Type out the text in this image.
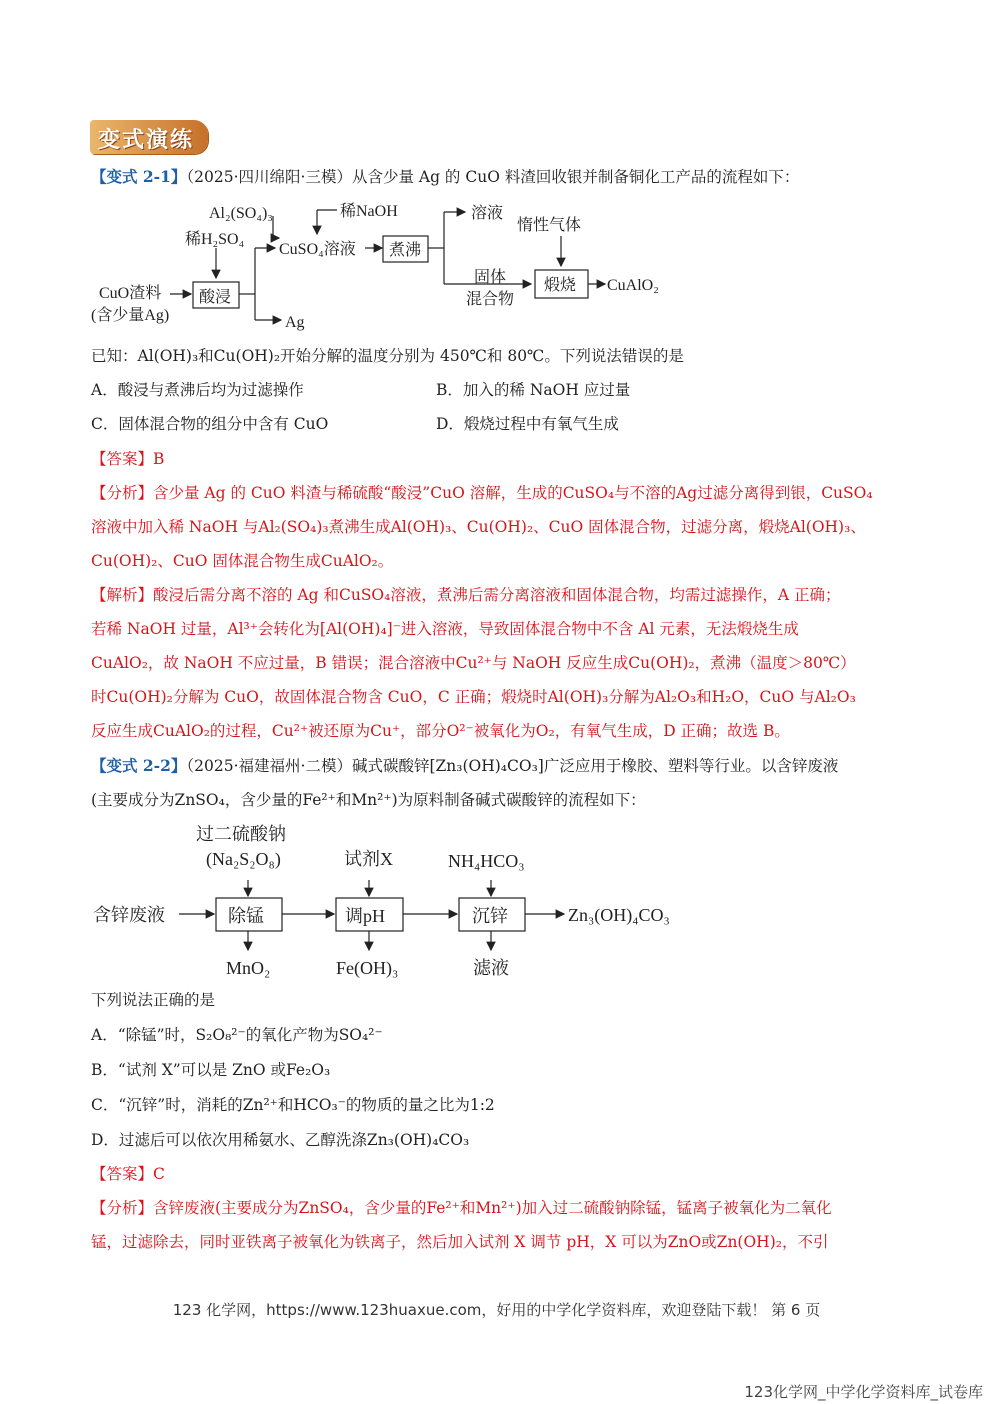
变式演练
【变式 2-1】（2025·四川绵阳·三模）从含少量 Ag 的 CuO 料渣回收银并制备铜化工产品的流程如下：
Al₂(SO₄)₃
稀H₂SO₄
稀NaOH
CuSO₄溶液
溶液
惰性气体
CuO渣料
(含少量Ag)
酸浸
煮沸
固体
混合物
煅烧 CuAlO₂
Ag
已知：Al(OH)₃和Cu(OH)₂开始分解的温度分别为 450℃和 80℃。下列说法错误的是
A．酸浸与煮沸后均为过滤操作	B．加入的稀 NaOH 应过量
C．固体混合物的组分中含有 CuO	D．煅烧过程中有氧气生成
【答案】B
【分析】含少量 Ag 的 CuO 料渣与稀硫酸“酸浸”CuO 溶解，生成的CuSO₄与不溶的Ag过滤分离得到银，CuSO₄
溶液中加入稀 NaOH 与Al₂(SO₄)₃煮沸生成Al(OH)₃、Cu(OH)₂、CuO 固体混合物，过滤分离，煅烧Al(OH)₃、
Cu(OH)₂、CuO 固体混合物生成CuAlO₂。
【解析】酸浸后需分离不溶的 Ag 和CuSO₄溶液，煮沸后需分离溶液和固体混合物，均需过滤操作，A 正确；
若稀 NaOH 过量，Al³⁺会转化为[Al(OH)₄]⁻进入溶液，导致固体混合物中不含 Al 元素，无法煅烧生成
CuAlO₂，故 NaOH 不应过量，B 错误；混合溶液中Cu²⁺与 NaOH 反应生成Cu(OH)₂，煮沸（温度＞80℃）
时Cu(OH)₂分解为 CuO，故固体混合物含 CuO，C 正确；煅烧时Al(OH)₃分解为Al₂O₃和H₂O，CuO 与Al₂O₃
反应生成CuAlO₂的过程，Cu²⁺被还原为Cu⁺，部分O²⁻被氧化为O₂，有氧气生成，D 正确；故选 B。
【变式 2-2】（2025·福建福州·二模）碱式碳酸锌[Zn₃(OH)₄CO₃]广泛应用于橡胶、塑料等行业。以含锌废液
(主要成分为ZnSO₄，含少量的Fe²⁺和Mn²⁺)为原料制备碱式碳酸锌的流程如下：
过二硫酸钠
(Na₂S₂O₈)	试剂X	NH₄HCO₃
含锌废液	除锰	调pH	沉锌	Zn₃(OH)₄CO₃
MnO₂	Fe(OH)₃	滤液
下列说法正确的是
A．“除锰”时，S₂O₈²⁻的氧化产物为SO₄²⁻
B．“试剂 X”可以是 ZnO 或Fe₂O₃
C．“沉锌”时，消耗的Zn²⁺和HCO₃⁻的物质的量之比为1:2
D．过滤后可以依次用稀氨水、乙醇洗涤Zn₃(OH)₄CO₃
【答案】C
【分析】含锌废液(主要成分为ZnSO₄，含少量的Fe²⁺和Mn²⁺)加入过二硫酸钠除锰，锰离子被氧化为二氧化
锰，过滤除去，同时亚铁离子被氧化为铁离子，然后加入试剂 X 调节 pH，X 可以为ZnO或Zn(OH)₂，不引
123 化学网，https://www.123huaxue.com，好用的中学化学资料库，欢迎登陆下载！ 第 6 页
123化学网_中学化学资料库_试卷库
